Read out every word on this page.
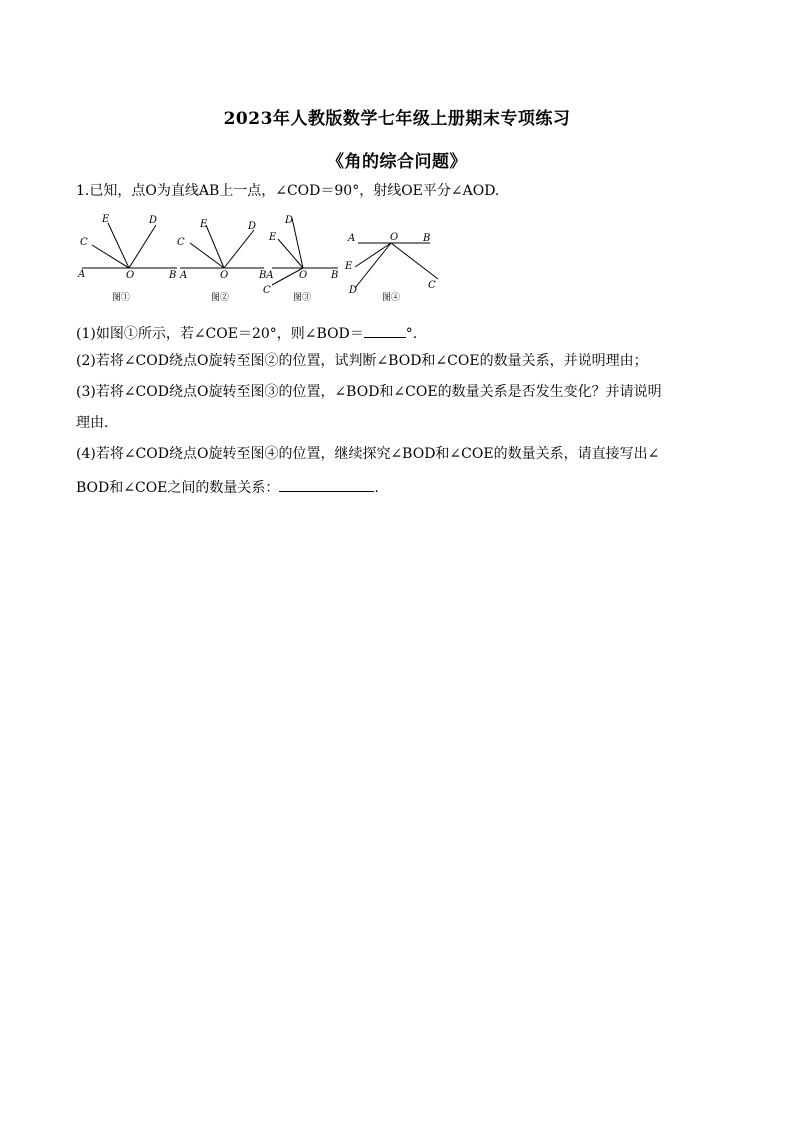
2023年人教版数学七年级上册期末专项练习
《角的综合问题》
1.已知，点O为直线AB上一点，∠COD＝90°，射线OE平分∠AOD.
A	O	B
C
E	D
图①
A	O
C
E	D
BA
图②
O B
C
E
D
图③
A	O B
E
D	C
图④
(1)如图①所示，若∠COE＝20°，则∠BOD＝	°.
(2)若将∠COD绕点O旋转至图②的位置，试判断∠BOD和∠COE的数量关系，并说明理由；
(3)若将∠COD绕点O旋转至图③的位置，∠BOD和∠COE的数量关系是否发生变化？并请说明
理由.
(4)若将∠COD绕点O旋转至图④的位置，继续探究∠BOD和∠COE的数量关系，请直接写出∠
BOD和∠COE之间的数量关系：	.
